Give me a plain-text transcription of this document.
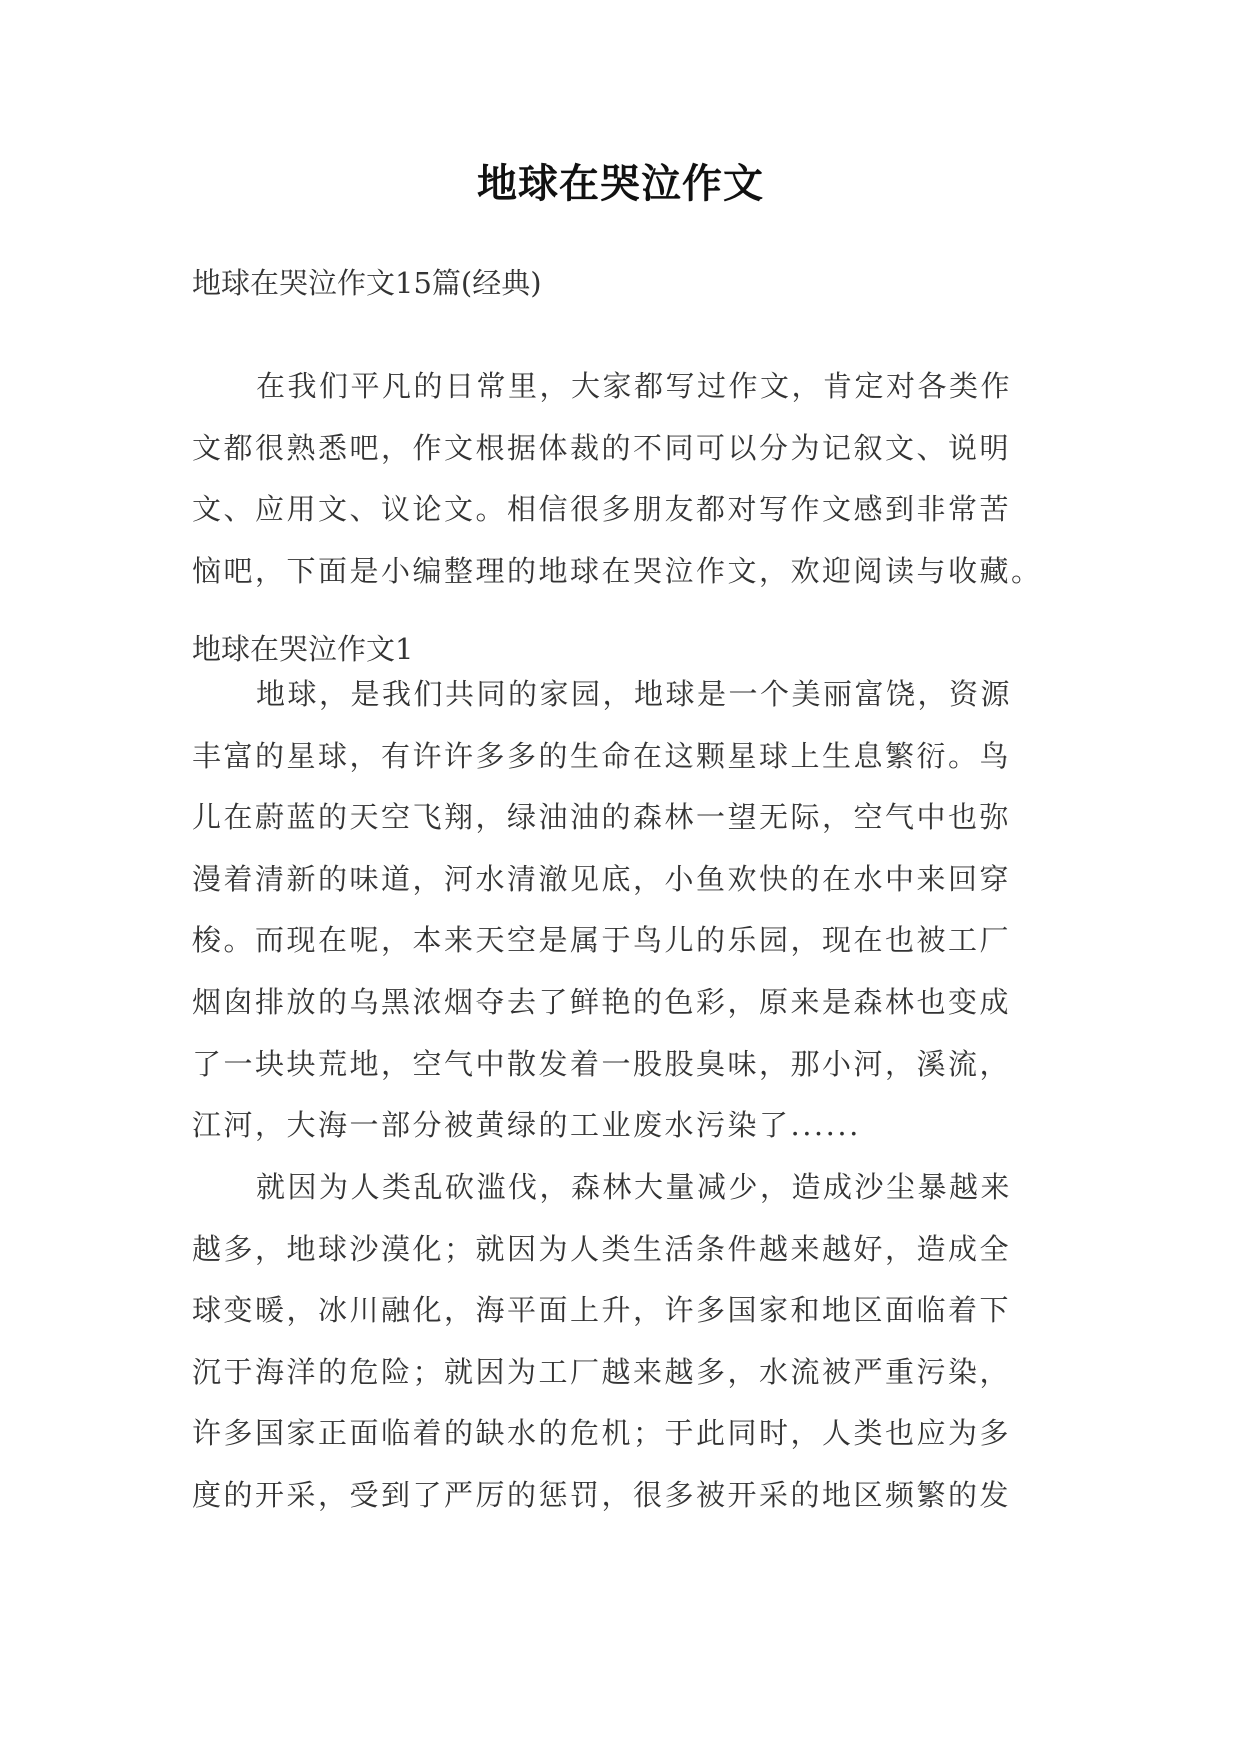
地球在哭泣作文
地球在哭泣作文15篇(经典)
在我们平凡的日常里，大家都写过作文，肯定对各类作
文都很熟悉吧，作文根据体裁的不同可以分为记叙文、说明
文、应用文、议论文。相信很多朋友都对写作文感到非常苦
恼吧，下面是小编整理的地球在哭泣作文，欢迎阅读与收藏。
地球在哭泣作文1
地球，是我们共同的家园，地球是一个美丽富饶，资源
丰富的星球，有许许多多的生命在这颗星球上生息繁衍。鸟
儿在蔚蓝的天空飞翔，绿油油的森林一望无际，空气中也弥
漫着清新的味道，河水清澈见底，小鱼欢快的在水中来回穿
梭。而现在呢，本来天空是属于鸟儿的乐园，现在也被工厂
烟囱排放的乌黑浓烟夺去了鲜艳的色彩，原来是森林也变成
了一块块荒地，空气中散发着一股股臭味，那小河，溪流，
江河，大海一部分被黄绿的工业废水污染了......
就因为人类乱砍滥伐，森林大量减少，造成沙尘暴越来
越多，地球沙漠化；就因为人类生活条件越来越好，造成全
球变暖，冰川融化，海平面上升，许多国家和地区面临着下
沉于海洋的危险；就因为工厂越来越多，水流被严重污染，
许多国家正面临着的缺水的危机；于此同时，人类也应为多
度的开采，受到了严厉的惩罚，很多被开采的地区频繁的发
